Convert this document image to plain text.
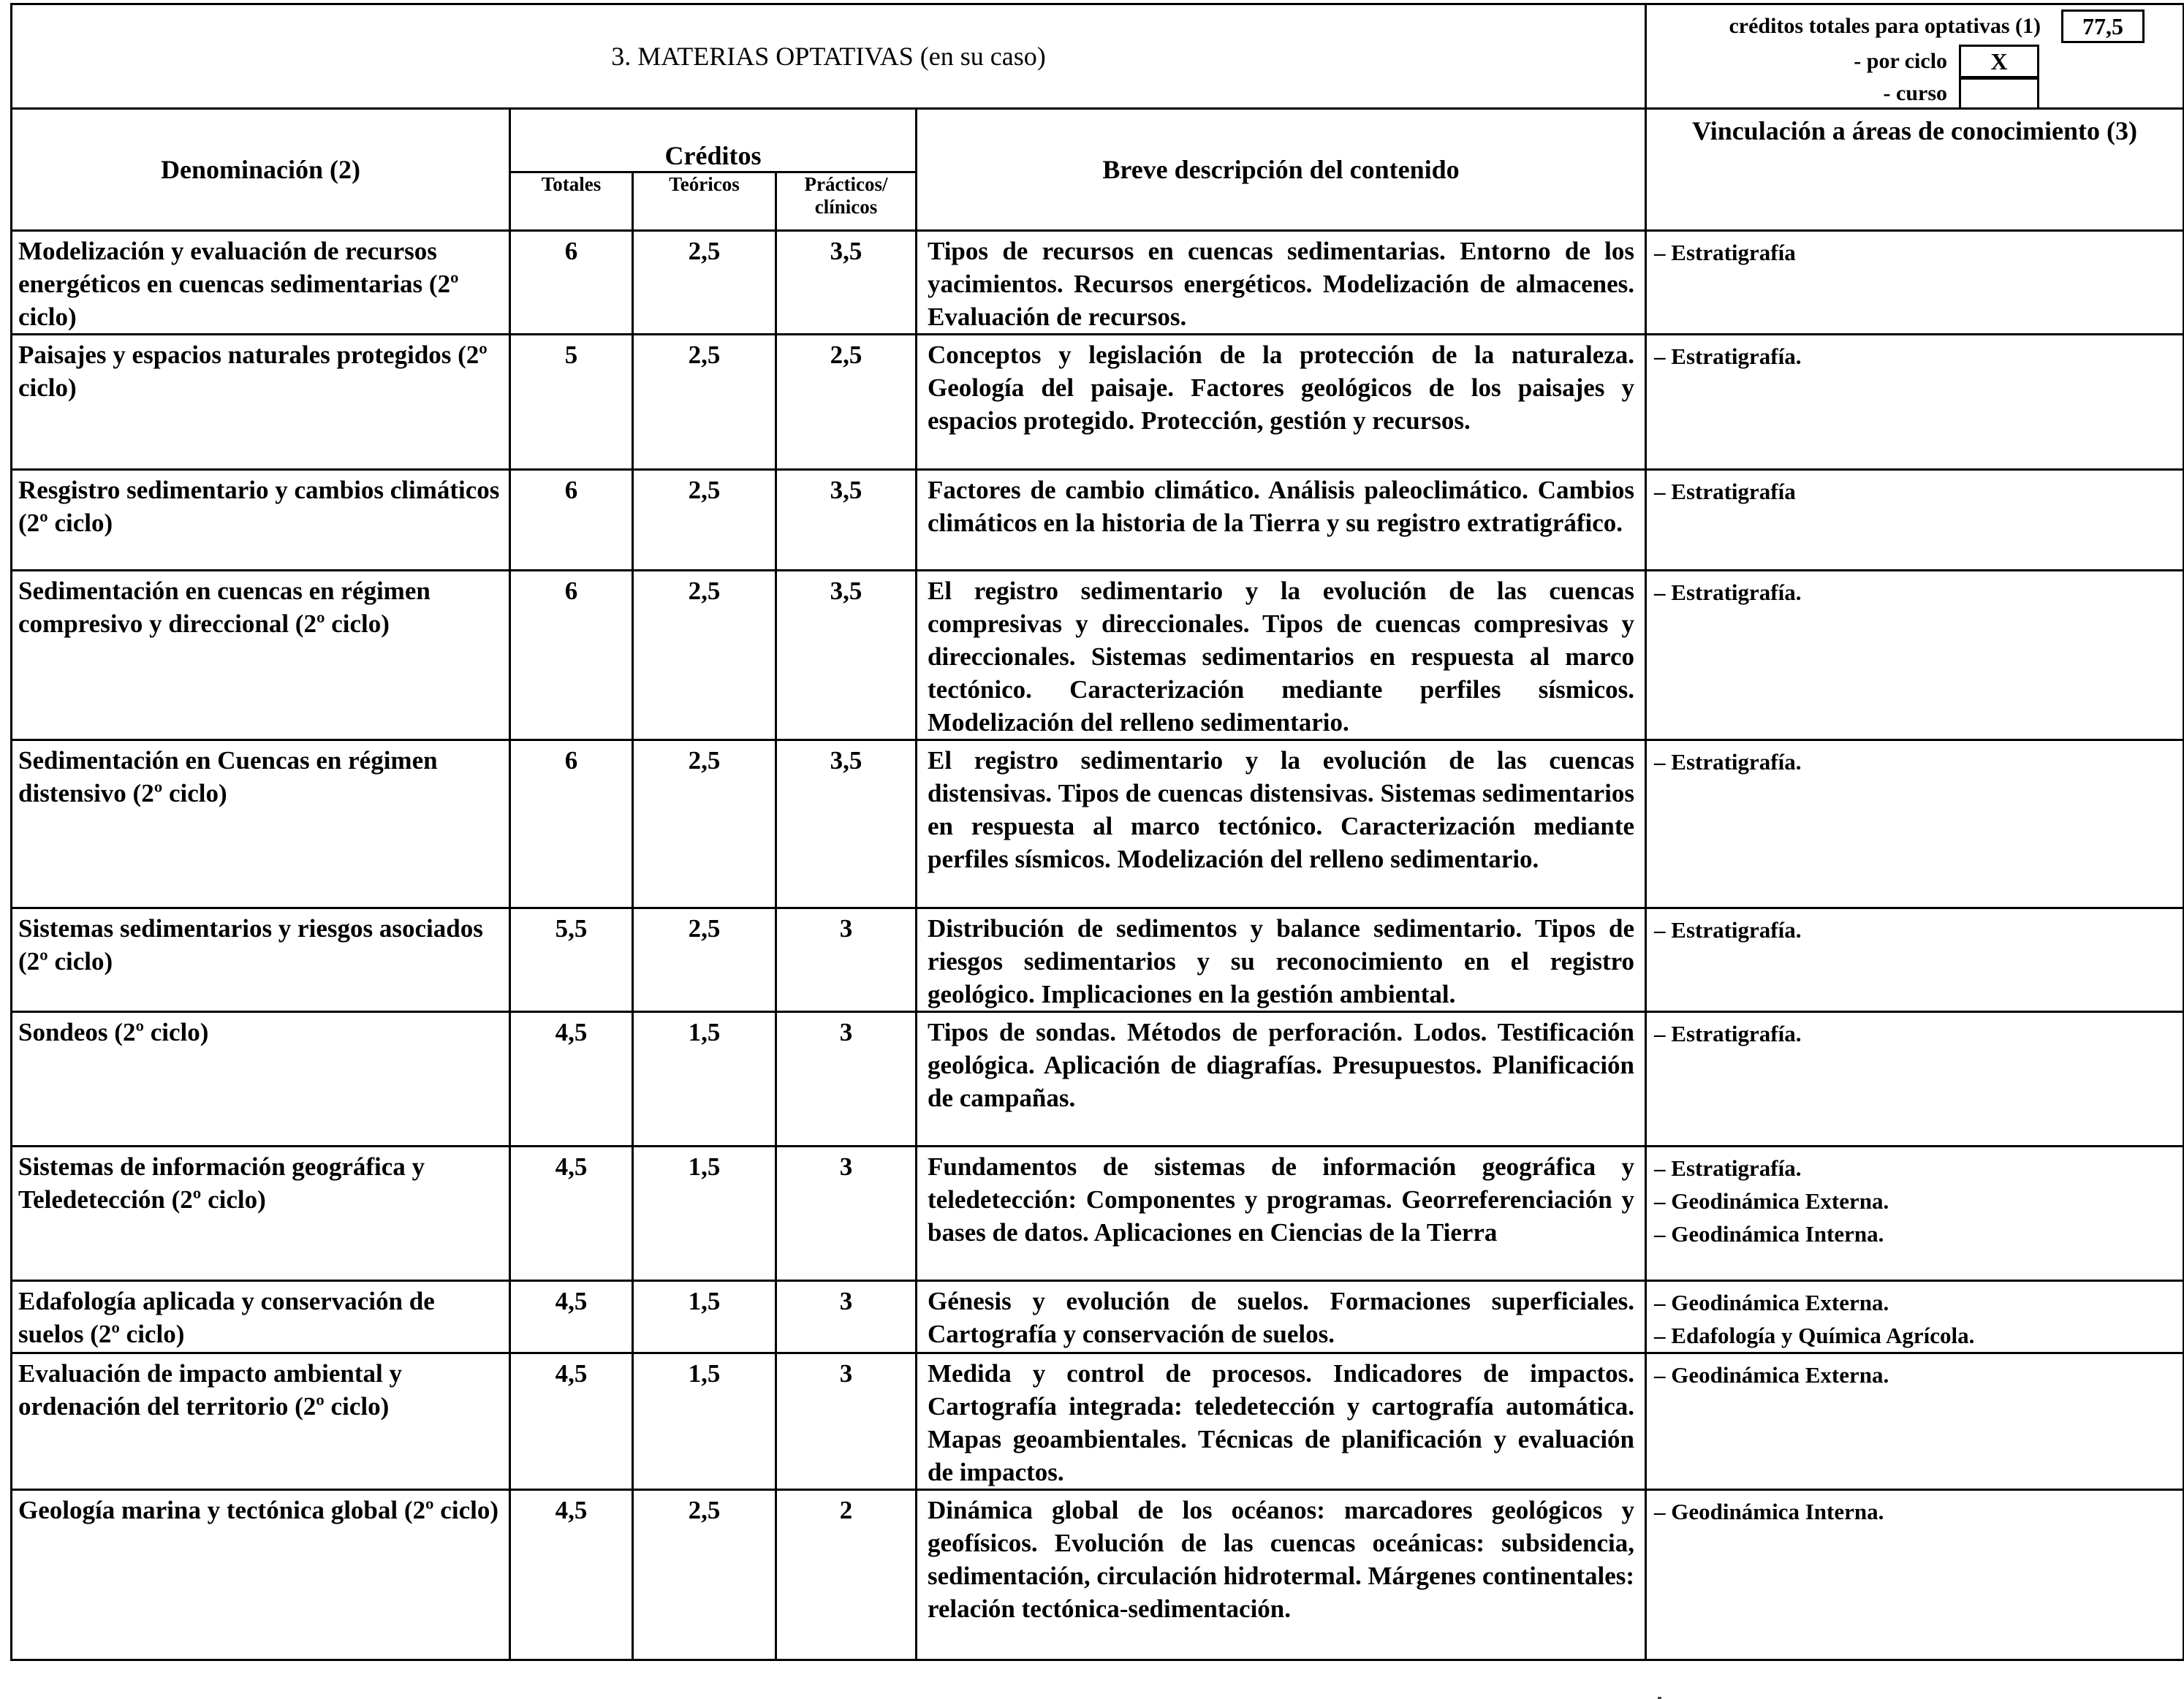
3. MATERIAS OPTATIVAS (en su caso)					créditos totales para optativas (1) 77,5
- por ciclo X
- curso

Denominación (2)	Créditos			Breve descripción del contenido	Vinculación a áreas de conocimiento (3)
	Totales	Teóricos	Prácticos/ clínicos		
Modelización y evaluación de recursos energéticos en cuencas sedimentarias (2º ciclo)	6	2,5	3,5	Tipos de recursos en cuencas sedimentarias. Entorno de los yacimientos. Recursos energéticos. Modelización de almacenes. Evaluación de recursos.	– Estratigrafía

Paisajes y espacios naturales protegidos (2º ciclo)	5	2,5	2,5	Conceptos y legislación de la protección de la naturaleza. Geología del paisaje. Factores geológicos de los paisajes y espacios protegido. Protección, gestión y recursos.	– Estratigrafía.

Resgistro sedimentario y cambios climáticos (2º ciclo)	6	2,5	3,5	Factores de cambio climático. Análisis paleoclimático. Cambios climáticos en la historia de la Tierra y su registro extratigráfico.	– Estratigrafía

Sedimentación en cuencas en régimen compresivo y direccional (2º ciclo)	6	2,5	3,5	El registro sedimentario y la evolución de las cuencas compresivas y direccionales. Tipos de cuencas compresivas y direccionales. Sistemas sedimentarios en respuesta al marco tectónico. Caracterización mediante perfiles sísmicos. Modelización del relleno sedimentario.	– Estratigrafía.

Sedimentación en Cuencas en régimen distensivo (2º ciclo)	6	2,5	3,5	El registro sedimentario y la evolución de las cuencas distensivas. Tipos de cuencas distensivas. Sistemas sedimentarios en respuesta al marco tectónico. Caracterización mediante perfiles sísmicos. Modelización del relleno sedimentario.	– Estratigrafía.

Sistemas sedimentarios y riesgos asociados (2º ciclo)	5,5	2,5	3	Distribución de sedimentos y balance sedimentario. Tipos de riesgos sedimentarios y su reconocimiento en el registro geológico. Implicaciones en la gestión ambiental.	– Estratigrafía.

Sondeos (2º ciclo)	4,5	1,5	3	Tipos de sondas. Métodos de perforación. Lodos. Testificación geológica. Aplicación de diagrafías. Presupuestos. Planificación de campañas.	– Estratigrafía.

Sistemas de información geográfica y Teledetección (2º ciclo)	4,5	1,5	3	Fundamentos de sistemas de información geográfica y teledetección: Componentes y programas. Georreferenciación y bases de datos. Aplicaciones en Ciencias de la Tierra	– Estratigrafía.
– Geodinámica Externa.
– Geodinámica Interna.

Edafología aplicada y conservación de suelos (2º ciclo)	4,5	1,5	3	Génesis y evolución de suelos. Formaciones superficiales. Cartografía y conservación de suelos.	– Geodinámica Externa.
– Edafología y Química Agrícola.

Evaluación de impacto ambiental y ordenación del territorio (2º ciclo)	4,5	1,5	3	Medida y control de procesos. Indicadores de impactos. Cartografía integrada: teledetección y cartografía automática. Mapas geoambientales. Técnicas de planificación y evaluación de impactos.	– Geodinámica Externa.

Geología marina y tectónica global (2º ciclo)	4,5	2,5	2	Dinámica global de los océanos: marcadores geológicos y geofísicos. Evolución de las cuencas oceánicas: subsidencia, sedimentación, circulación hidrotermal. Márgenes continentales: relación tectónica-sedimentación.	– Geodinámica Interna.
